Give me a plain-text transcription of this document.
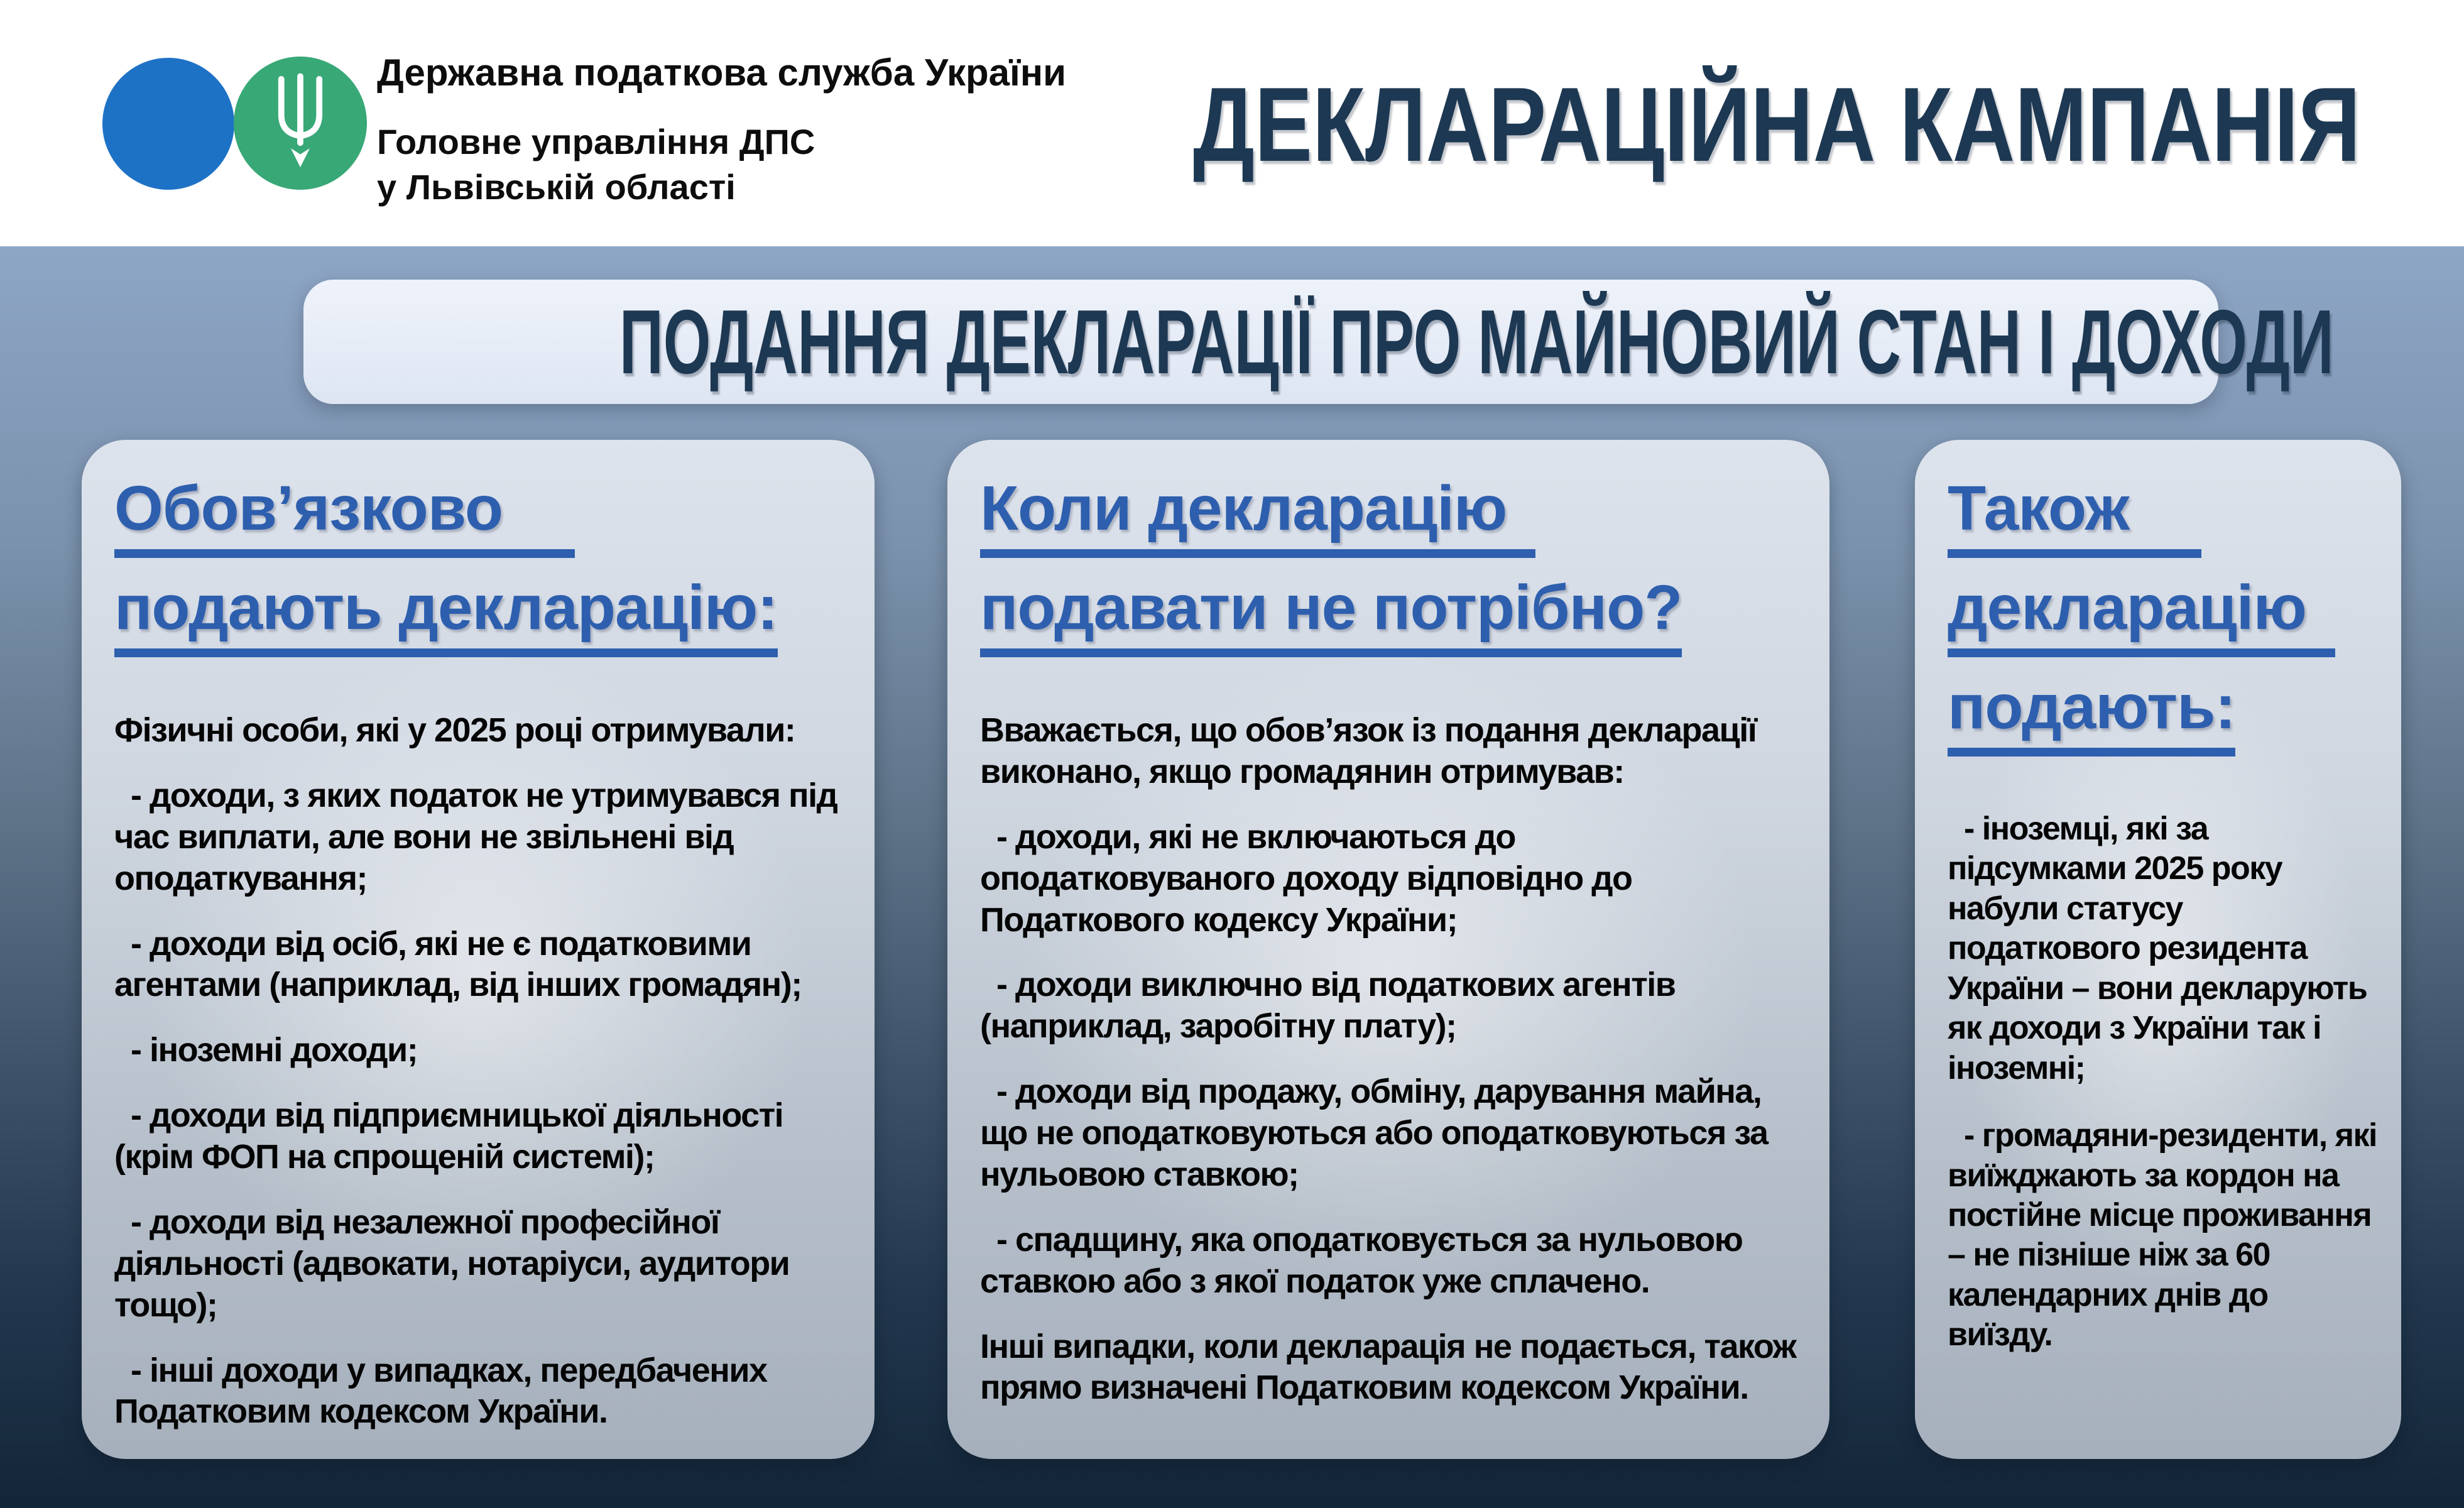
Державна податкова служба України
Головне управління ДПС
у Львівській області
ДЕКЛАРАЦІЙНА КАМПАНІЯ
ПОДАННЯ ДЕКЛАРАЦІЇ ПРО МАЙНОВИЙ СТАН І ДОХОДИ
Обов’язково
подають декларацію:

Фізичні особи, які у 2025 році отримували:

- доходи, з яких податок не утримувався під час виплати, але вони не звільнені від оподаткування;

- доходи від осіб, які не є податковими агентами (наприклад, від інших громадян);

- іноземні доходи;

- доходи від підприємницької діяльності (крім ФОП на спрощеній системі);

- доходи від незалежної професійної діяльності (адвокати, нотаріуси, аудитори тощо);

- інші доходи у випадках, передбачених Податковим кодексом України.

Коли декларацію
подавати не потрібно?

Вважається, що обов’язок із подання декларації виконано, якщо громадянин отримував:

- доходи, які не включаються до оподатковуваного доходу відповідно до Податкового кодексу України;

- доходи виключно від податкових агентів (наприклад, заробітну плату);

- доходи від продажу, обміну, дарування майна, що не оподатковуються або оподатковуються за нульовою ставкою;

- спадщину, яка оподатковується за нульовою ставкою або з якої податок уже сплачено.

Інші випадки, коли декларація не подається, також прямо визначені Податковим кодексом України.

Також
декларацію
подають:

- іноземці, які за підсумками 2025 року набули статусу податкового резидента України – вони декларують як доходи з України так і іноземні;

- громадяни-резиденти, які виїжджають за кордон на постійне місце проживання – не пізніше ніж за 60 календарних днів до виїзду.
